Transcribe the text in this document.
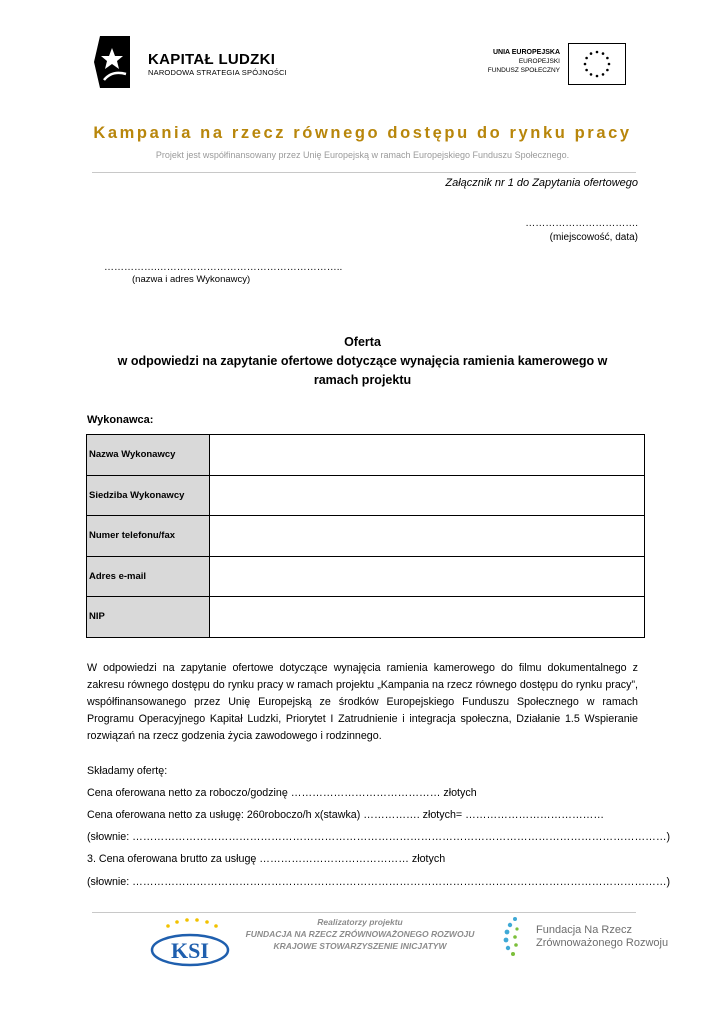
KAPITAŁ LUDZKI
NARODOWA STRATEGIA SPÓJNOŚCI
UNIA EUROPEJSKA
EUROPEJSKI
FUNDUSZ SPOŁECZNY
Kampania na rzecz równego dostępu do rynku pracy
Projekt jest współfinansowany przez Unię Europejską w ramach Europejskiego Funduszu Społecznego.
Załącznik nr 1 do Zapytania ofertowego
…………………………….
(miejscowość, data)
…………….………………………………………………..
(nazwa i adres Wykonawcy)
Oferta
w odpowiedzi na zapytanie ofertowe dotyczące wynajęcia ramienia kamerowego w
ramach projektu
Wykonawca:
Nazwa Wykonawcy	
Siedziba Wykonawcy	
Numer telefonu/fax	
Adres e-mail	
NIP	
W odpowiedzi na zapytanie ofertowe dotyczące wynajęcia ramienia kamerowego do filmu dokumentalnego z zakresu równego dostępu do rynku pracy w ramach projektu „Kampania na rzecz równego dostępu do rynku pracy”, współfinansowanego przez Unię Europejską ze środków Europejskiego Funduszu Społecznego w ramach Programu Operacyjnego Kapitał Ludzki, Priorytet I Zatrudnienie i integracja społeczna, Działanie 1.5 Wspieranie rozwiązań na rzecz godzenia życia zawodowego i rodzinnego.
Składamy ofertę:
Cena oferowana netto za roboczo/godzinę …………………………………… złotych
Cena oferowana netto za usługę: 260roboczo/h x(stawka) ……………. złotych= …………………………………
(słownie: ……………………………………………………………………………………………………………………………………)
3. Cena oferowana brutto za usługę …………………………………… złotych
(słownie: ……………………………………………………………………………………………………………………………………)
KSI
Realizatorzy projektu
FUNDACJA NA RZECZ ZRÓWNOWAŻONEGO ROZWOJU
KRAJOWE STOWARZYSZENIE INICJATYW
Fundacja Na Rzecz
Zrównoważonego Rozwoju
